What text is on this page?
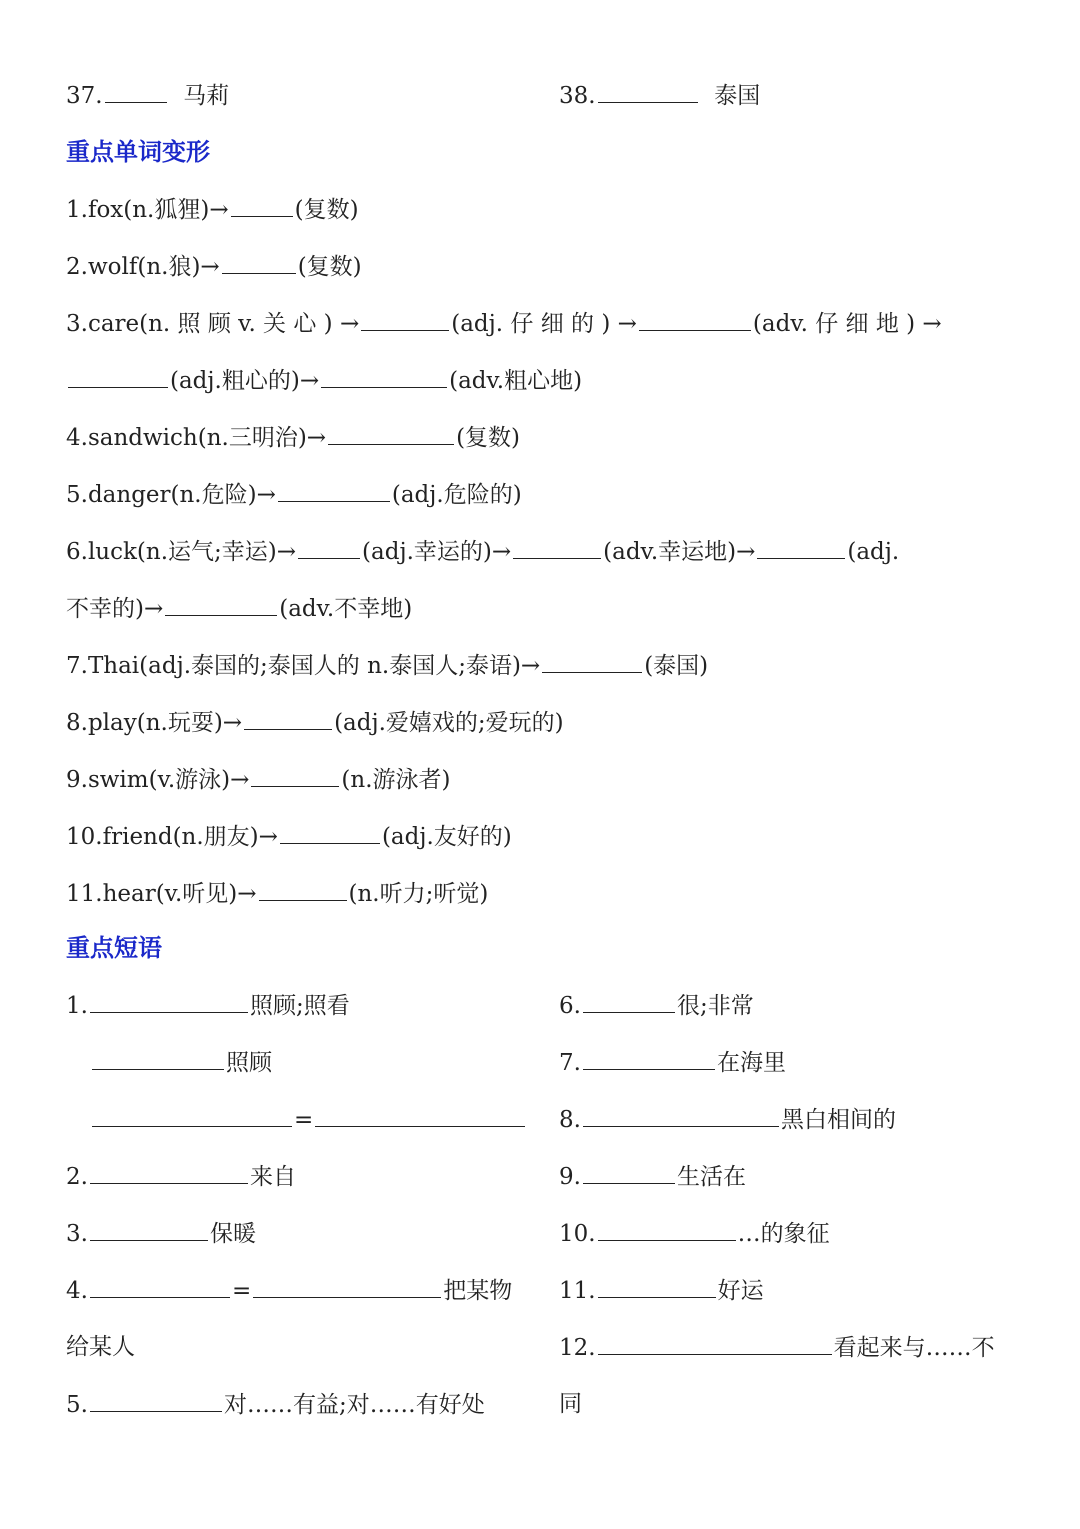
37.	马莉	38.	泰国
重点单词变形
1.fox(n.狐狸)→	(复数)
2.wolf(n.狼)→	(复数)
3.care(n. 照 顾 v. 关 心 ) →	(adj. 仔 细 的 ) →	(adv. 仔 细 地 ) →
(adj.粗心的)→	(adv.粗心地)
4.sandwich(n.三明治)→	(复数)
5.danger(n.危险)→	(adj.危险的)
6.luck(n.运气;幸运)→	(adj.幸运的)→	(adv.幸运地)→	(adj.
不幸的)→	(adv.不幸地)
7.Thai(adj.泰国的;泰国人的 n.泰国人;泰语)→	(泰国)
8.play(n.玩耍)→	(adj.爱嬉戏的;爱玩的)
9.swim(v.游泳)→	(n.游泳者)
10.friend(n.朋友)→	(adj.友好的)
11.hear(v.听见)→	(n.听力;听觉)
重点短语
1.	照顾;照看
照顾
=
2.	来自
3.	保暖
4.	=	把某物
给某人
5.	对……有益;对……有好处
6.	很;非常
7.	在海里
8.	黑白相间的
9.	生活在
10.	…的象征
11.	好运
12.	看起来与……不
同
